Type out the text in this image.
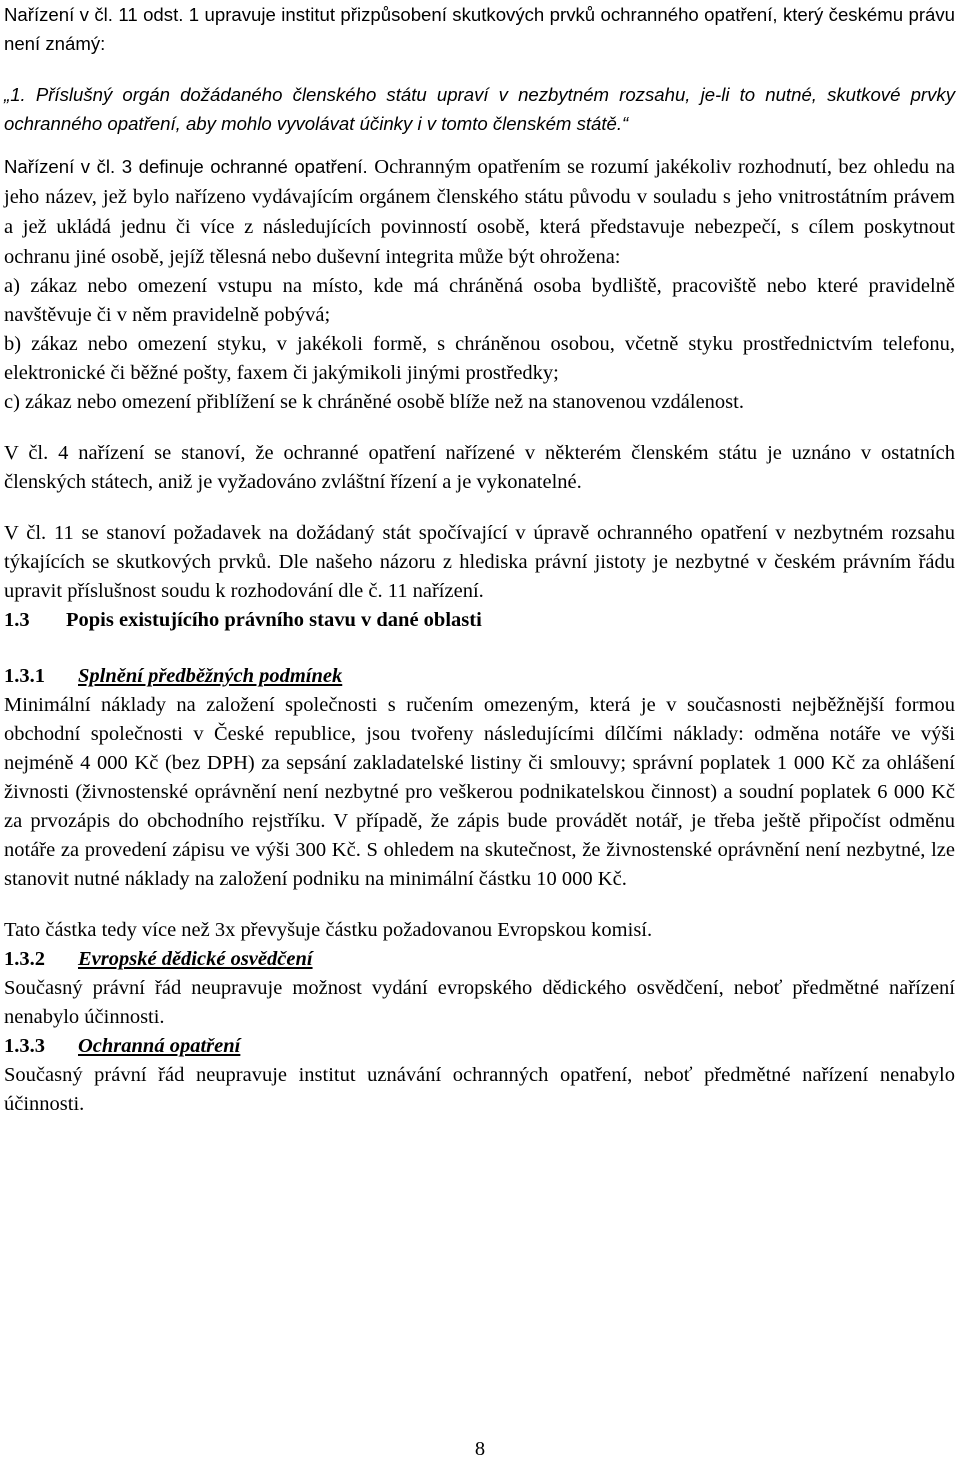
Nařízení v čl. 11 odst. 1 upravuje institut přizpůsobení skutkových prvků ochranného opatření, který českému právu není známý:

„1. Příslušný orgán dožádaného členského státu upraví v nezbytném rozsahu, je-li to nutné, skutkové prvky ochranného opatření, aby mohlo vyvolávat účinky i v tomto členském státě.“

Nařízení v čl. 3 definuje ochranné opatření. Ochranným opatřením se rozumí jakékoliv rozhodnutí, bez ohledu na jeho název, jež bylo nařízeno vydávajícím orgánem členského státu původu v souladu s jeho vnitrostátním právem a jež ukládá jednu či více z následujících povinností osobě, která představuje nebezpečí, s cílem poskytnout ochranu jiné osobě, jejíž tělesná nebo duševní integrita může být ohrožena:

a) zákaz nebo omezení vstupu na místo, kde má chráněná osoba bydliště, pracoviště nebo které pravidelně navštěvuje či v něm pravidelně pobývá;

b) zákaz nebo omezení styku, v jakékoli formě, s chráněnou osobou, včetně styku prostřednictvím telefonu, elektronické či běžné pošty, faxem či jakýmikoli jinými prostředky;

c) zákaz nebo omezení přiblížení se k chráněné osobě blíže než na stanovenou vzdálenost.

V čl. 4 nařízení se stanoví, že ochranné opatření nařízené v některém členském státu je uznáno v ostatních členských státech, aniž je vyžadováno zvláštní řízení a je vykonatelné.

V čl. 11 se stanoví požadavek na dožádaný stát spočívající v úpravě ochranného opatření v nezbytném rozsahu týkajících se skutkových prvků. Dle našeho názoru z hlediska právní jistoty je nezbytné v českém právním řádu upravit příslušnost soudu k rozhodování dle č. 11 nařízení.

1.3 Popis existujícího právního stavu v dané oblasti
1.3.1 Splnění předběžných podmínek

Minimální náklady na založení společnosti s ručením omezeným, která je v současnosti nejběžnější formou obchodní společnosti v České republice, jsou tvořeny následujícími dílčími náklady: odměna notáře ve výši nejméně 4 000 Kč (bez DPH) za sepsání zakladatelské listiny či smlouvy; správní poplatek 1 000 Kč za ohlášení živnosti (živnostenské oprávnění není nezbytné pro veškerou podnikatelskou činnost) a soudní poplatek 6 000 Kč za prvozápis do obchodního rejstříku. V případě, že zápis bude provádět notář, je třeba ještě připočíst odměnu notáře za provedení zápisu ve výši 300 Kč. S ohledem na skutečnost, že živnostenské oprávnění není nezbytné, lze stanovit nutné náklady na založení podniku na minimální částku 10 000 Kč.

Tato částka tedy více než 3x převyšuje částku požadovanou Evropskou komisí.

1.3.2 Evropské dědické osvědčení

Současný právní řád neupravuje možnost vydání evropského dědického osvědčení, neboť předmětné nařízení nenabylo účinnosti.

1.3.3 Ochranná opatření

Současný právní řád neupravuje institut uznávání ochranných opatření, neboť předmětné nařízení nenabylo účinnosti.

8
